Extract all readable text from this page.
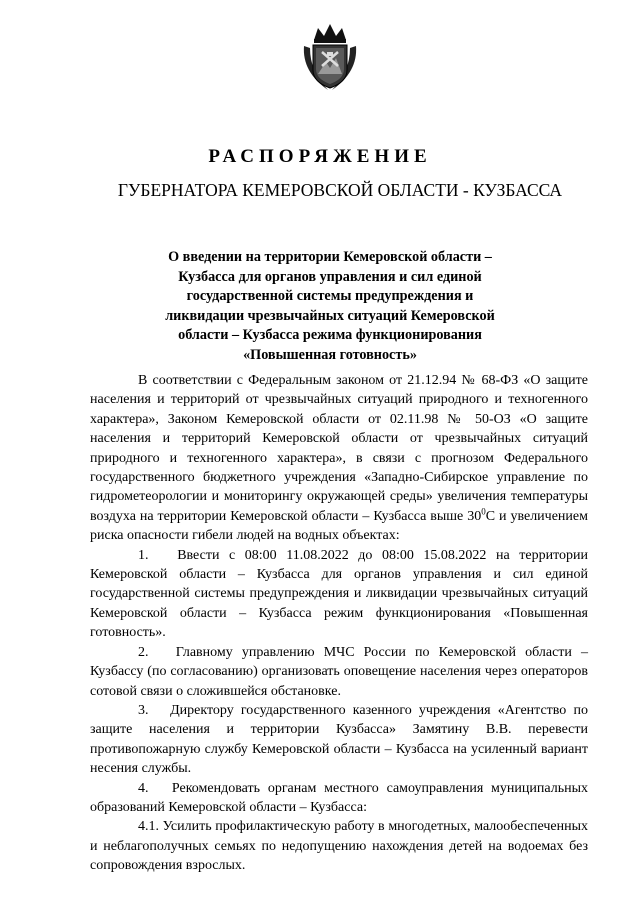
РАСПОРЯЖЕНИЕ
ГУБЕРНАТОРА КЕМЕРОВСКОЙ ОБЛАСТИ - КУЗБАССА
О введении на территории Кемеровской области –
Кузбасса для органов управления и сил единой
государственной системы предупреждения и
ликвидации чрезвычайных ситуаций Кемеровской
области – Кузбасса режима функционирования
«Повышенная готовность»

В соответствии с Федеральным законом от 21.12.94 № 68-ФЗ «О защите населения и территорий от чрезвычайных ситуаций природного и техногенного характера», Законом Кемеровской области от 02.11.98 № 50-ОЗ «О защите населения и территорий Кемеровской области от чрезвычайных ситуаций природного и техногенного характера», в связи с прогнозом Федерального государственного бюджетного учреждения «Западно-Сибирское управление по гидрометеорологии и мониторингу окружающей среды» увеличения температуры воздуха на территории Кемеровской области – Кузбасса выше $30^0С$ и увеличением риска опасности гибели людей на водных объектах:

1.   Ввести с 08:00 11.08.2022 до 08:00 15.08.2022 на территории Кемеровской области – Кузбасса для органов управления и сил единой государственной системы предупреждения и ликвидации чрезвычайных ситуаций Кемеровской области – Кузбасса режим функционирования «Повышенная готовность».

2.   Главному управлению МЧС России по Кемеровской области – Кузбассу (по согласованию) организовать оповещение населения через операторов сотовой связи о сложившейся обстановке.

3.   Директору государственного казенного учреждения «Агентство по защите населения и территории Кузбасса» Замятину В.В. перевести противопожарную службу Кемеровской области – Кузбасса на усиленный вариант несения службы.

4.   Рекомендовать органам местного самоуправления муниципальных образований Кемеровской области – Кузбасса:

4.1. Усилить профилактическую работу в многодетных, малообеспеченных и неблагополучных семьях по недопущению нахождения детей на водоемах без сопровождения взрослых.
